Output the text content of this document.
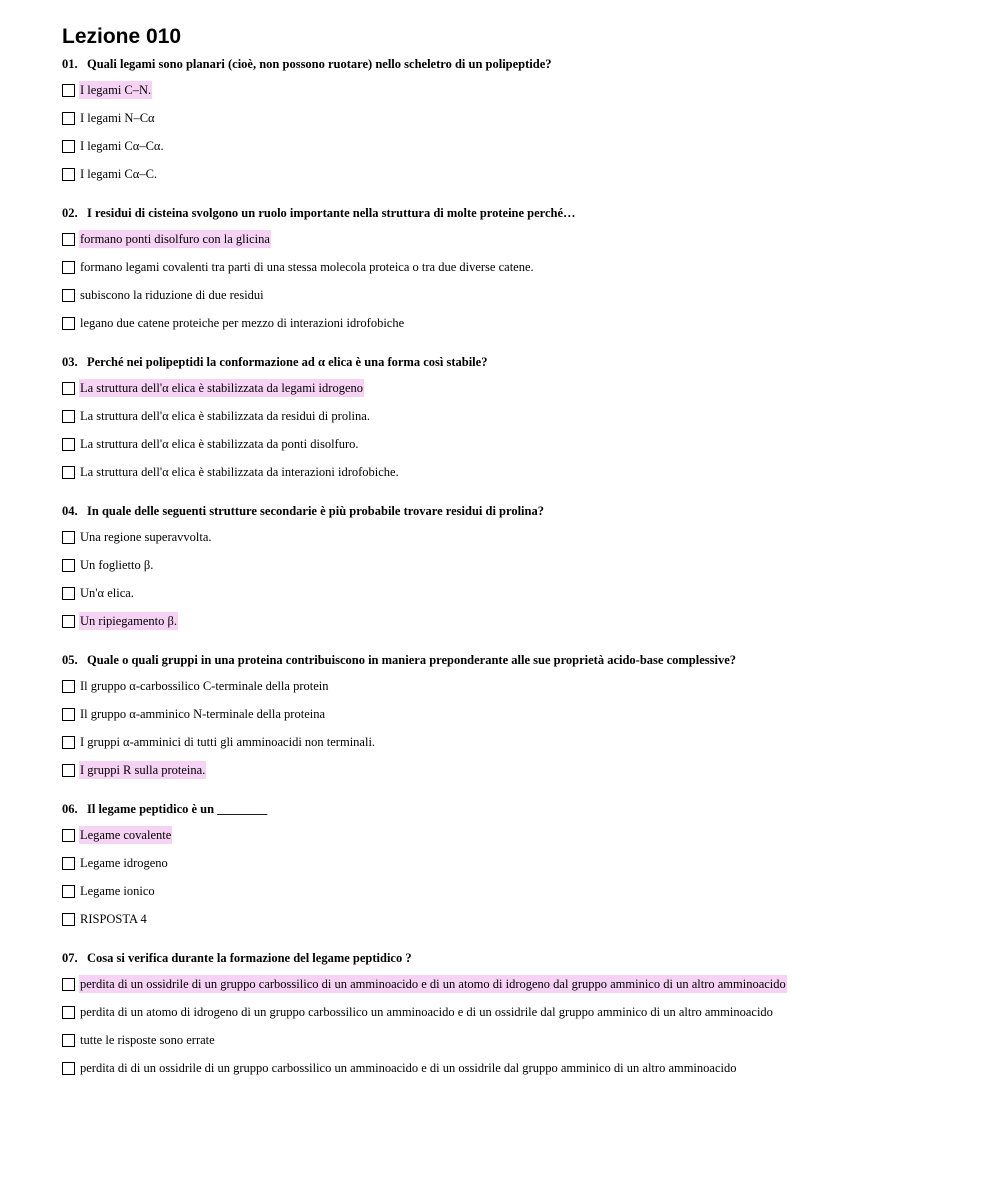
Lezione 010
01. Quali legami sono planari (cioè, non possono ruotare) nello scheletro di un polipeptide?
I legami C–N.
I legami N–Cα
I legami Cα–Cα.
I legami Cα–C.
02. I residui di cisteina svolgono un ruolo importante nella struttura di molte proteine perché…
formano ponti disolfuro con la glicina
formano legami covalenti tra parti di una stessa molecola proteica o tra due diverse catene.
subiscono la riduzione di due residui
legano due catene proteiche per mezzo di interazioni idrofobiche
03. Perché nei polipeptidi la conformazione ad α elica è una forma così stabile?
La struttura dell'α elica è stabilizzata da legami idrogeno
La struttura dell'α elica è stabilizzata da residui di prolina.
La struttura dell'α elica è stabilizzata da ponti disolfuro.
La struttura dell'α elica è stabilizzata da interazioni idrofobiche.
04. In quale delle seguenti strutture secondarie è più probabile trovare residui di prolina?
Una regione superavvolta.
Un foglietto β.
Un'α elica.
Un ripiegamento β.
05. Quale o quali gruppi in una proteina contribuiscono in maniera preponderante alle sue proprietà acido-base complessive?
Il gruppo α-carbossilico C-terminale della protein
Il gruppo α-amminico N-terminale della proteina
I gruppi α-amminici di tutti gli amminoacidi non terminali.
I gruppi R sulla proteina.
06. Il legame peptidico è un ________
Legame covalente
Legame idrogeno
Legame ionico
RISPOSTA 4
07. Cosa si verifica durante la formazione del legame peptidico ?
perdita di un ossidrile di un gruppo carbossilico di un amminoacido e di un atomo di idrogeno dal gruppo amminico di un altro amminoacido
perdita di un atomo di idrogeno di un gruppo carbossilico un amminoacido e di un ossidrile dal gruppo amminico di un altro amminoacido
tutte le risposte sono errate
perdita di di un ossidrile di un gruppo carbossilico un amminoacido e di un ossidrile dal gruppo amminico di un altro amminoacido
